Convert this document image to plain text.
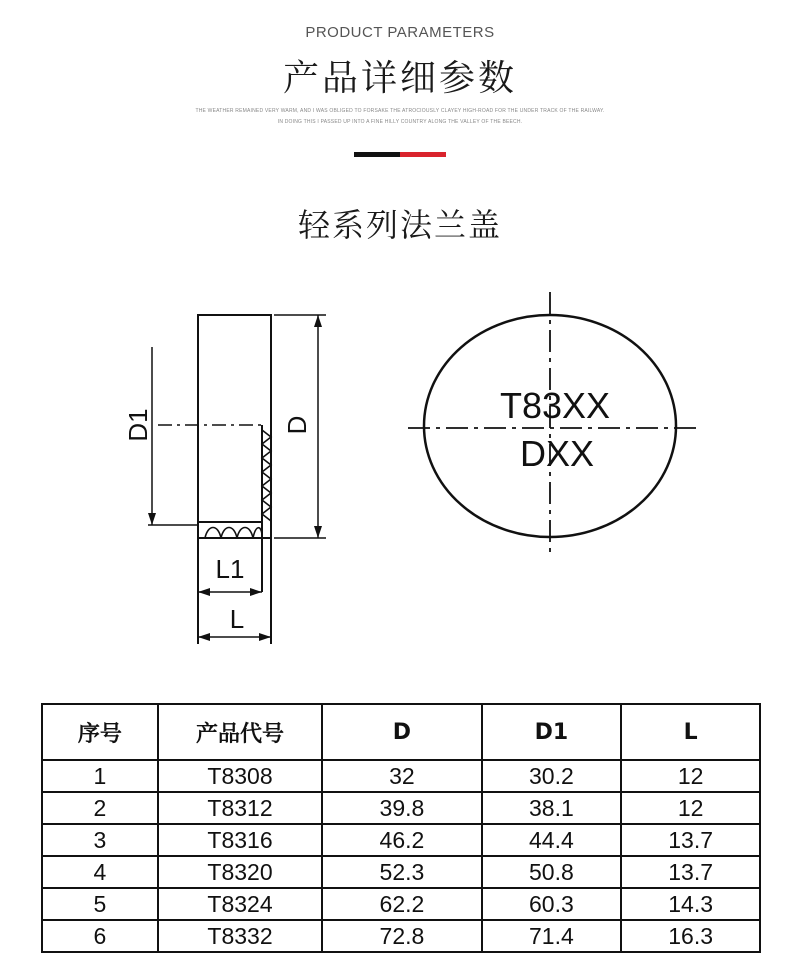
PRODUCT PARAMETERS
产品详细参数
THE WEATHER REMAINED VERY WARM, AND I WAS OBLIGED TO FORSAKE THE ATROCIOUSLY CLAYEY HIGH-ROAD FOR THE UNDER TRACK OF THE RAILWAY.
IN DOING THIS I PASSED UP INTO A FINE HILLY COUNTRY ALONG THE VALLEY OF THE BEECH.
轻系列法兰盖
D1	D
L1
L
T83XX
DXX
序号	产品代号	D	D1	L
1	T8308	32	30.2	12
2	T8312	39.8	38.1	12
3	T8316	46.2	44.4	13.7
4	T8320	52.3	50.8	13.7
5	T8324	62.2	60.3	14.3
6	T8332	72.8	71.4	16.3
